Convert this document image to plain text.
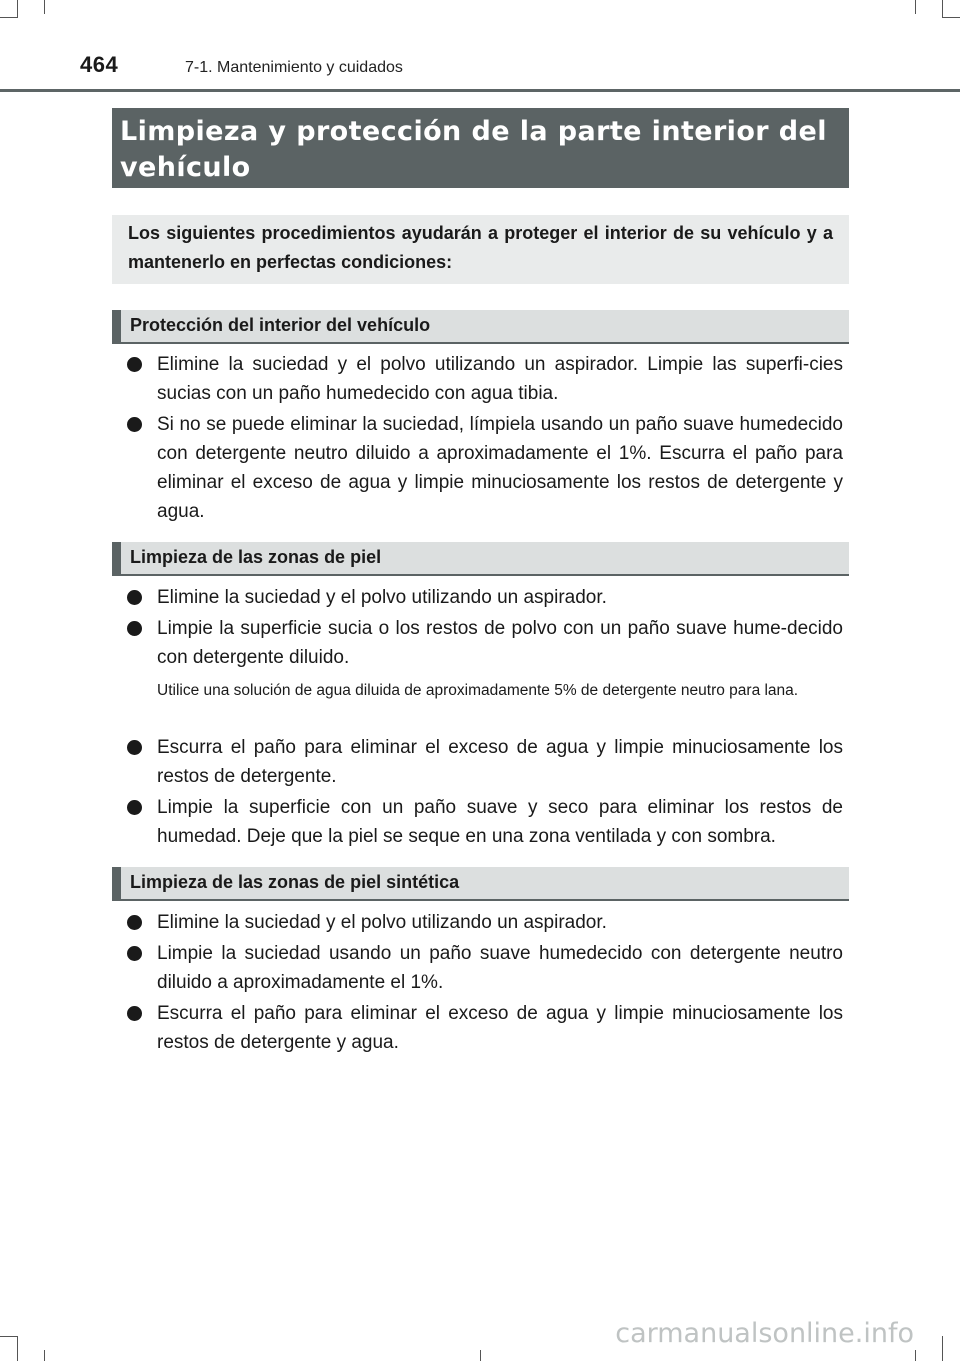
464	7-1. Mantenimiento y cuidados
Limpieza y protección de la parte interior del vehículo

Los siguientes procedimientos ayudarán a proteger el interior de su vehículo y a mantenerlo en perfectas condiciones:

Protección del interior del vehículo
Elimine la suciedad y el polvo utilizando un aspirador. Limpie las superfi-cies sucias con un paño humedecido con agua tibia.
Si no se puede eliminar la suciedad, límpiela usando un paño suave humedecido con detergente neutro diluido a aproximadamente el 1%. Escurra el paño para eliminar el exceso de agua y limpie minuciosamente los restos de detergente y agua.
Limpieza de las zonas de piel
Elimine la suciedad y el polvo utilizando un aspirador.
Limpie la superficie sucia o los restos de polvo con un paño suave hume-decido con detergente diluido.

Utilice una solución de agua diluida de aproximadamente 5% de detergente neutro para lana.

Escurra el paño para eliminar el exceso de agua y limpie minuciosamente los restos de detergente.
Limpie la superficie con un paño suave y seco para eliminar los restos de humedad. Deje que la piel se seque en una zona ventilada y con sombra.
Limpieza de las zonas de piel sintética
Elimine la suciedad y el polvo utilizando un aspirador.
Limpie la suciedad usando un paño suave humedecido con detergente neutro diluido a aproximadamente el 1%.
Escurra el paño para eliminar el exceso de agua y limpie minuciosamente los restos de detergente y agua.
carmanualsonline.info
